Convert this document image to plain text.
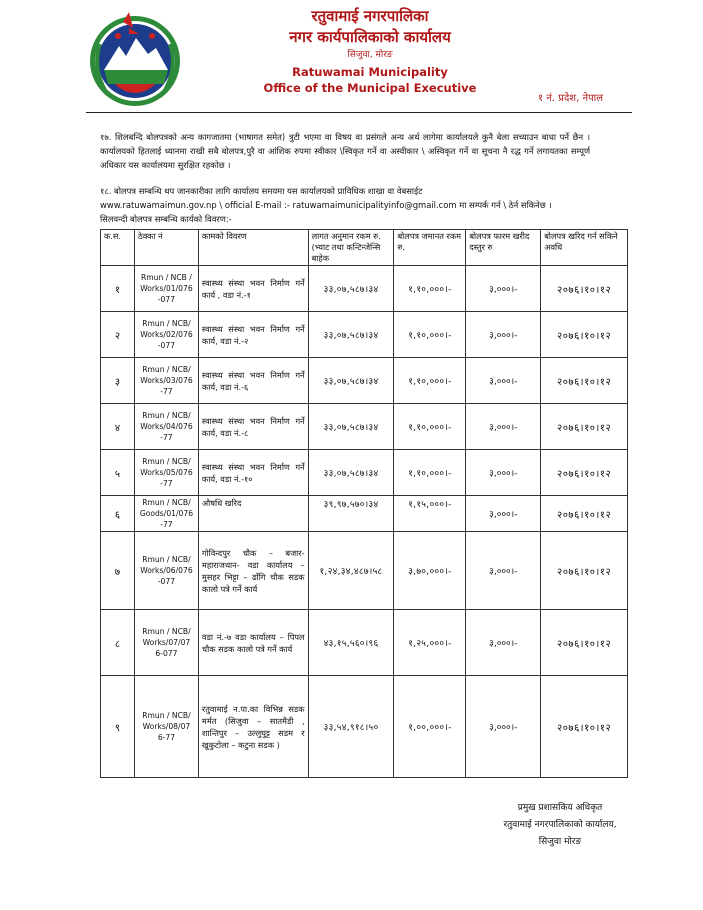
रतुवामाई नगरपालिका
नगर कार्यपालिकाको कार्यालय
सिजुवा, मोरङ
Ratuwamai Municipality
Office of the Municipal Executive
१ नं. प्रदेश, नेपाल
१७. शिलबन्दि बोलपत्रको अन्य कागजातमा (भाषागत समेत) त्रुटी भएमा वा विषय वा प्रसंगले अन्य अर्थ लागेमा कार्यालयले कुनै बेला सच्याउन बाधा पर्ने छैन । कार्यालयको हितलाई ध्यानमा राखी सबै बोलपत्र,पुरै वा आंशिक रुपमा स्वीकार \स्विकृत गर्ने वा अस्वीकार \ अस्विकृत गर्ने वा सूचना नै रद्ध गर्ने लगायतका सम्पूर्ण अधिकार यस कार्यालयमा सुरक्षित रहकोछ ।
१८. बोलपत्र सम्बन्धि थप जानकारीका लागि कार्यालय समयमा यस कार्यालयको प्राविधिक शाखा वा वेबसाईट
www.ratuwamaimun.gov.np \ official E-mail :- ratuwamaimunicipalityinfo@gmail.com मा सम्पर्क गर्न \ ठेर्न सकिनेछ ।
सिलवन्दी बोलपत्र सम्बन्धि कार्यको विवरण:-
क.स.	ठेक्का नं	कामको विवरण	लागत अनुमान रकम रु. (भ्याट तथा कन्टिन्जेन्सि बाहेक	बोलपत्र जमानत रकम रु.	बोलपत्र फारम खरीद दस्तुर रु	बोलपत्र खरिद गर्न सकिने अवधि
१	Rmun / NCB / Works/01/076 -077	स्वास्थ्य संस्था भवन निर्माण गर्ने कार्य , वडा नं.-१	३३,०७,५८७।३४	१,१०,०००।-	३,०००।-	२०७६।१०।१२
२	Rmun / NCB/ Works/02/076 -077	स्वास्थ्य संस्था भवन निर्माण गर्ने कार्य, वडा नं.-२	३३,०७,५८७।३४	१,१०,०००।-	३,०००।-	२०७६।१०।१२
३	Rmun / NCB/ Works/03/076 -77	स्वास्थ्य संस्था भवन निर्माण गर्ने कार्य, वडा नं.-६	३३,०७,५८७।३४	१,१०,०००।-	३,०००।-	२०७६।१०।१२
४	Rmun / NCB/ Works/04/076 -77	स्वास्थ्य संस्था भवन निर्माण गर्ने कार्य, वडा नं.-८	३३,०७,५८७।३४	१,१०,०००।-	३,०००।-	२०७६।१०।१२
५	Rmun / NCB/ Works/05/076 -77	स्वास्थ्य संस्था भवन निर्माण गर्ने कार्य, वडा नं.-१०	३३,०७,५८७।३४	१,१०,०००।-	३,०००।-	२०७६।१०।१२
६	Rmun / NCB/ Goods/01/076 -77	औषधि खरिद	३९,९७,५७०।३४	१,१५,०००।-	३,०००।-	२०७६।१०।१२
७	Rmun / NCB/ Works/06/076 -077	गोविन्दपुर चौक – बजार- महाराजथान- वडा कार्यालय – मुसहर भिट्टा – ढाँगि चौक सडक कालो पत्रे गर्ने कार्य	१,२४,३४,४८७।५८	३,७०,०००।-	३,०००।-	२०७६।१०।१२
८	Rmun / NCB/ Works/07/07 6-077	वडा नं.-७ वडा कार्यालय – पिपल चौक सडक कालो पत्रे गर्ने कार्य	४३,१५,५६०।९६	१,२५,०००।-	३,०००।-	२०७६।१०।१२
९	Rmun / NCB/ Works/08/07 6-77	रतुवामाई न.पा.का विभिन्न सडक मर्मत (सिजुवा – सातमैडी , शान्तिपुर – उल्लुघुट्ट सडम र खुकुटोला – कटुना सडक )	३३,५४,९१८।५०	१,००,०००।-	३,०००।-	२०७६।१०।१२
प्रमुख प्रशासकिय अधिकृत
रतुवामाई नगरपालिकाको कार्यालय,
सिजुवा मोरङ
